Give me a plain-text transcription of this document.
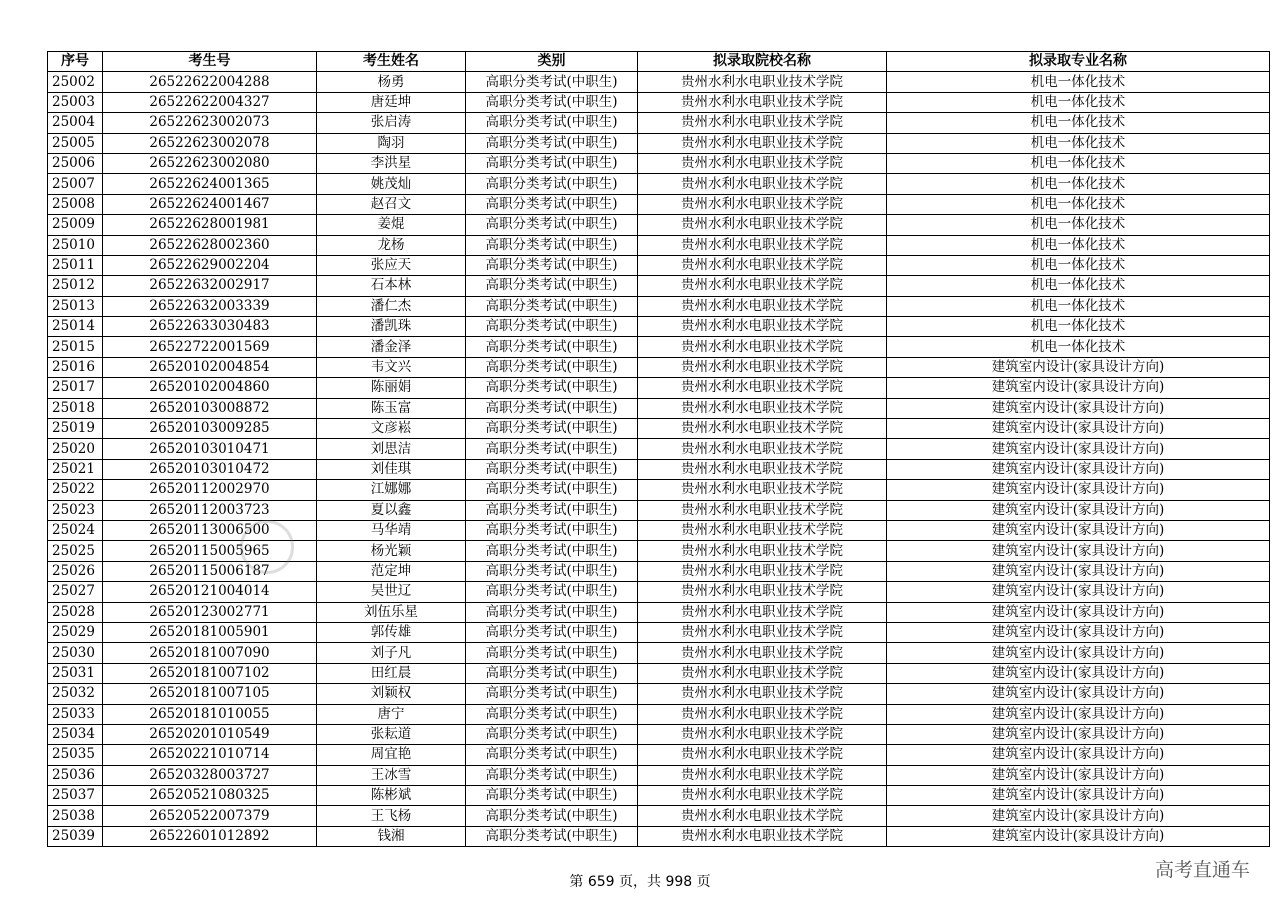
序号	考生号	考生姓名	类别	拟录取院校名称	拟录取专业名称
25002	26522622004288	杨勇	高职分类考试(中职生)	贵州水利水电职业技术学院	机电一体化技术
25003	26522622004327	唐廷坤	高职分类考试(中职生)	贵州水利水电职业技术学院	机电一体化技术
25004	26522623002073	张启涛	高职分类考试(中职生)	贵州水利水电职业技术学院	机电一体化技术
25005	26522623002078	陶羽	高职分类考试(中职生)	贵州水利水电职业技术学院	机电一体化技术
25006	26522623002080	李洪星	高职分类考试(中职生)	贵州水利水电职业技术学院	机电一体化技术
25007	26522624001365	姚茂灿	高职分类考试(中职生)	贵州水利水电职业技术学院	机电一体化技术
25008	26522624001467	赵召文	高职分类考试(中职生)	贵州水利水电职业技术学院	机电一体化技术
25009	26522628001981	姜焜	高职分类考试(中职生)	贵州水利水电职业技术学院	机电一体化技术
25010	26522628002360	龙杨	高职分类考试(中职生)	贵州水利水电职业技术学院	机电一体化技术
25011	26522629002204	张应天	高职分类考试(中职生)	贵州水利水电职业技术学院	机电一体化技术
25012	26522632002917	石本林	高职分类考试(中职生)	贵州水利水电职业技术学院	机电一体化技术
25013	26522632003339	潘仁杰	高职分类考试(中职生)	贵州水利水电职业技术学院	机电一体化技术
25014	26522633030483	潘凯珠	高职分类考试(中职生)	贵州水利水电职业技术学院	机电一体化技术
25015	26522722001569	潘金泽	高职分类考试(中职生)	贵州水利水电职业技术学院	机电一体化技术
25016	26520102004854	韦文兴	高职分类考试(中职生)	贵州水利水电职业技术学院	建筑室内设计(家具设计方向)
25017	26520102004860	陈丽娟	高职分类考试(中职生)	贵州水利水电职业技术学院	建筑室内设计(家具设计方向)
25018	26520103008872	陈玉富	高职分类考试(中职生)	贵州水利水电职业技术学院	建筑室内设计(家具设计方向)
25019	26520103009285	文彦崧	高职分类考试(中职生)	贵州水利水电职业技术学院	建筑室内设计(家具设计方向)
25020	26520103010471	刘思洁	高职分类考试(中职生)	贵州水利水电职业技术学院	建筑室内设计(家具设计方向)
25021	26520103010472	刘佳琪	高职分类考试(中职生)	贵州水利水电职业技术学院	建筑室内设计(家具设计方向)
25022	26520112002970	江娜娜	高职分类考试(中职生)	贵州水利水电职业技术学院	建筑室内设计(家具设计方向)
25023	26520112003723	夏以鑫	高职分类考试(中职生)	贵州水利水电职业技术学院	建筑室内设计(家具设计方向)
25024	26520113006500	马华靖	高职分类考试(中职生)	贵州水利水电职业技术学院	建筑室内设计(家具设计方向)
25025	26520115005965	杨光颖	高职分类考试(中职生)	贵州水利水电职业技术学院	建筑室内设计(家具设计方向)
25026	26520115006187	范定坤	高职分类考试(中职生)	贵州水利水电职业技术学院	建筑室内设计(家具设计方向)
25027	26520121004014	吴世辽	高职分类考试(中职生)	贵州水利水电职业技术学院	建筑室内设计(家具设计方向)
25028	26520123002771	刘伍乐星	高职分类考试(中职生)	贵州水利水电职业技术学院	建筑室内设计(家具设计方向)
25029	26520181005901	郭传雄	高职分类考试(中职生)	贵州水利水电职业技术学院	建筑室内设计(家具设计方向)
25030	26520181007090	刘子凡	高职分类考试(中职生)	贵州水利水电职业技术学院	建筑室内设计(家具设计方向)
25031	26520181007102	田红晨	高职分类考试(中职生)	贵州水利水电职业技术学院	建筑室内设计(家具设计方向)
25032	26520181007105	刘颖权	高职分类考试(中职生)	贵州水利水电职业技术学院	建筑室内设计(家具设计方向)
25033	26520181010055	唐宁	高职分类考试(中职生)	贵州水利水电职业技术学院	建筑室内设计(家具设计方向)
25034	26520201010549	张耘道	高职分类考试(中职生)	贵州水利水电职业技术学院	建筑室内设计(家具设计方向)
25035	26520221010714	周宜艳	高职分类考试(中职生)	贵州水利水电职业技术学院	建筑室内设计(家具设计方向)
25036	26520328003727	王冰雪	高职分类考试(中职生)	贵州水利水电职业技术学院	建筑室内设计(家具设计方向)
25037	26520521080325	陈彬斌	高职分类考试(中职生)	贵州水利水电职业技术学院	建筑室内设计(家具设计方向)
25038	26520522007379	王飞杨	高职分类考试(中职生)	贵州水利水电职业技术学院	建筑室内设计(家具设计方向)
25039	26522601012892	钱湘	高职分类考试(中职生)	贵州水利水电职业技术学院	建筑室内设计(家具设计方向)
第 659 页，共 998 页
高考直通车
